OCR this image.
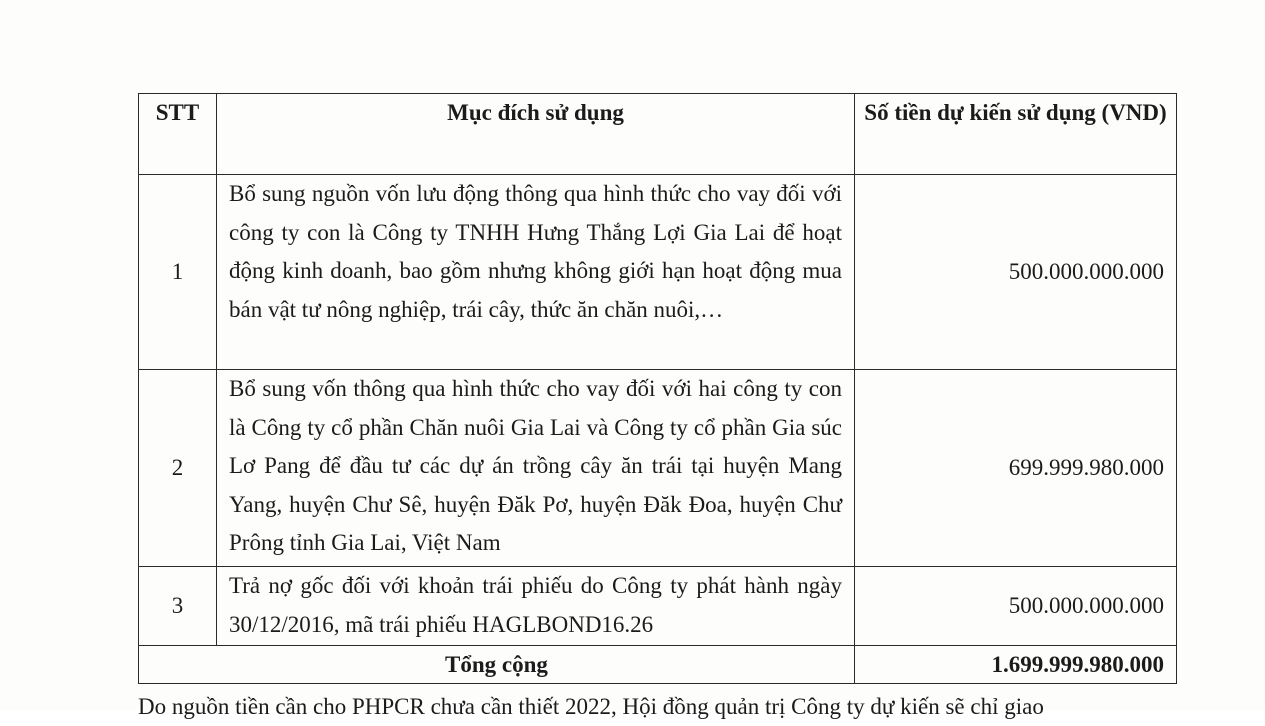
STT	Mục đích sử dụng	Số tiền dự kiến sử dụng (VND)
1	Bổ sung nguồn vốn lưu động thông qua hình thức cho vay đối với công ty con là Công ty TNHH Hưng Thắng Lợi Gia Lai để hoạt động kinh doanh, bao gồm nhưng không giới hạn hoạt động mua bán vật tư nông nghiệp, trái cây, thức ăn chăn nuôi,…	500.000.000.000
2	Bổ sung vốn thông qua hình thức cho vay đối với hai công ty con là Công ty cổ phần Chăn nuôi Gia Lai và Công ty cổ phần Gia súc Lơ Pang để đầu tư các dự án trồng cây ăn trái tại huyện Mang Yang, huyện Chư Sê, huyện Đăk Pơ, huyện Đăk Đoa, huyện Chư Prông tỉnh Gia Lai, Việt Nam	699.999.980.000
3	Trả nợ gốc đối với khoản trái phiếu do Công ty phát hành ngày 30/12/2016, mã trái phiếu HAGLBOND16.26	500.000.000.000
Tổng cộng		1.699.999.980.000
Do nguồn tiền cần cho PHPCR chưa cần thiết 2022, Hội đồng quản trị Công ty dự kiến sẽ chỉ giao
